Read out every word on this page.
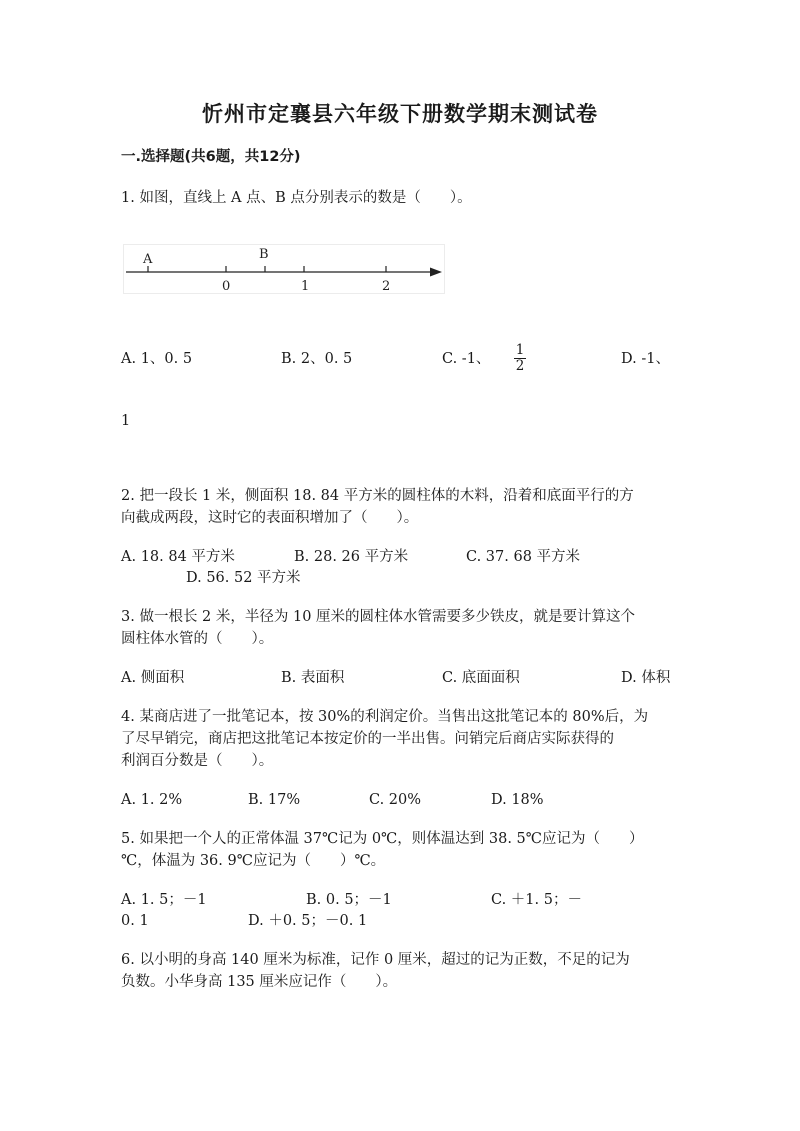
忻州市定襄县六年级下册数学期末测试卷
一.选择题(共6题，共12分)
1. 如图，直线上 A 点、B 点分别表示的数是（　　）。
A	B
0	1	2
A. 1、0. 5	B. 2、0. 5	C. -1、
1
2	D. -1、
1
2. 把一段长 1 米，侧面积 18. 84 平方米的圆柱体的木料，沿着和底面平行的方
向截成两段，这时它的表面积增加了（　　）。
A. 18. 84 平方米	B. 28. 26 平方米	C. 37. 68 平方米
D. 56. 52 平方米
3. 做一根长 2 米，半径为 10 厘米的圆柱体水管需要多少铁皮，就是要计算这个
圆柱体水管的（　　）。
A. 侧面积	B. 表面积	C. 底面面积	D. 体积
4. 某商店进了一批笔记本，按 30%的利润定价。当售出这批笔记本的 80%后，为
了尽早销完，商店把这批笔记本按定价的一半出售。问销完后商店实际获得的
利润百分数是（　　）。
A. 1. 2%	B. 17%	C. 20%	D. 18%
5. 如果把一个人的正常体温 37℃记为 0℃，则体温达到 38. 5℃应记为（　　）
℃，体温为 36. 9℃应记为（　　）℃。
A. 1. 5；－1	B. 0. 5；－1	C. ＋1. 5；－
0. 1	D. ＋0. 5；－0. 1
6. 以小明的身高 140 厘米为标准，记作 0 厘米，超过的记为正数，不足的记为
负数。小华身高 135 厘米应记作（　　）。
